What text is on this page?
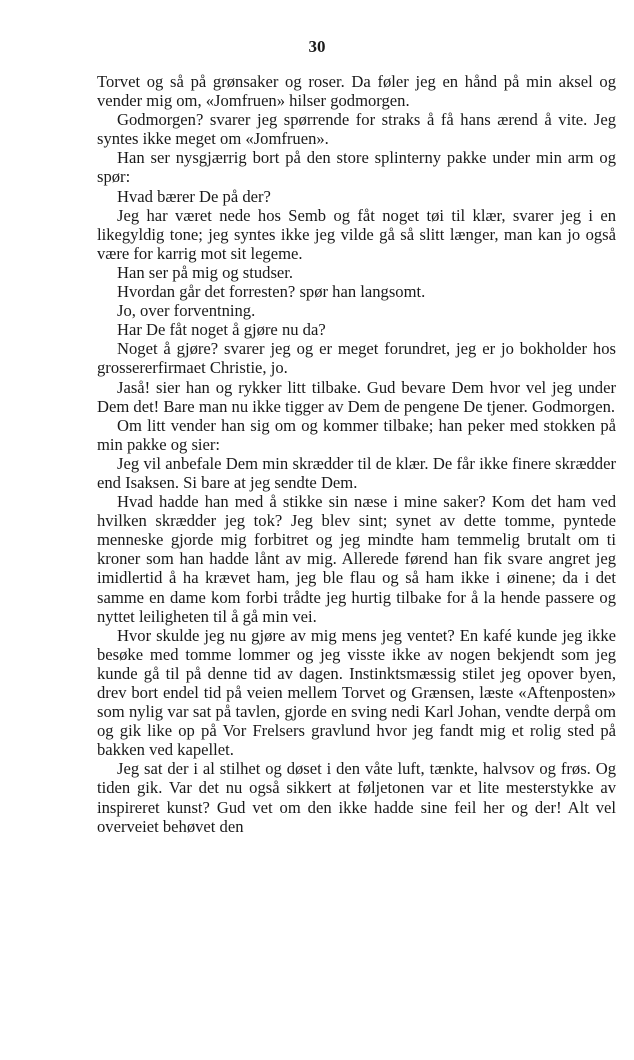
30

Torvet og så på grønsaker og roser. Da føler jeg en hånd på min aksel og vender mig om, «Jomfruen» hilser godmorgen.

Godmorgen? svarer jeg spørrende for straks å få hans ærend å vite. Jeg syntes ikke meget om «Jomfruen».

Han ser nysgjærrig bort på den store splinterny pakke under min arm og spør:

Hvad bærer De på der?

Jeg har været nede hos Semb og fåt noget tøi til klær, svarer jeg i en likegyldig tone; jeg syntes ikke jeg vilde gå så slitt længer, man kan jo også være for karrig mot sit legeme.

Han ser på mig og studser.

Hvordan går det forresten? spør han langsomt.

Jo, over forventning.

Har De fåt noget å gjøre nu da?

Noget å gjøre? svarer jeg og er meget forundret, jeg er jo bokholder hos grossererfirmaet Christie, jo.

Jaså! sier han og rykker litt tilbake. Gud bevare Dem hvor vel jeg under Dem det! Bare man nu ikke tigger av Dem de pengene De tjener. Godmorgen.

Om litt vender han sig om og kommer tilbake; han peker med stokken på min pakke og sier:

Jeg vil anbefale Dem min skrædder til de klær. De får ikke finere skrædder end Isaksen. Si bare at jeg sendte Dem.

Hvad hadde han med å stikke sin næse i mine saker? Kom det ham ved hvilken skrædder jeg tok? Jeg blev sint; synet av dette tomme, pyntede menneske gjorde mig forbitret og jeg mindte ham temmelig brutalt om ti kroner som han hadde lånt av mig. Allerede førend han fik svare angret jeg imidlertid å ha krævet ham, jeg ble flau og så ham ikke i øinene; da i det samme en dame kom forbi trådte jeg hurtig tilbake for å la hende passere og nyttet leiligheten til å gå min vei.

Hvor skulde jeg nu gjøre av mig mens jeg ventet? En kafé kunde jeg ikke besøke med tomme lommer og jeg visste ikke av nogen bekjendt som jeg kunde gå til på denne tid av dagen. Instinktsmæssig stilet jeg opover byen, drev bort endel tid på veien mellem Torvet og Grænsen, læste «Aftenposten» som nylig var sat på tavlen, gjorde en sving nedi Karl Johan, vendte derpå om og gik like op på Vor Frelsers gravlund hvor jeg fandt mig et rolig sted på bakken ved kapellet.

Jeg sat der i al stilhet og døset i den våte luft, tænkte, halvsov og frøs. Og tiden gik. Var det nu også sikkert at føljetonen var et lite mesterstykke av inspireret kunst? Gud vet om den ikke hadde sine feil her og der! Alt vel overveiet behøvet den
